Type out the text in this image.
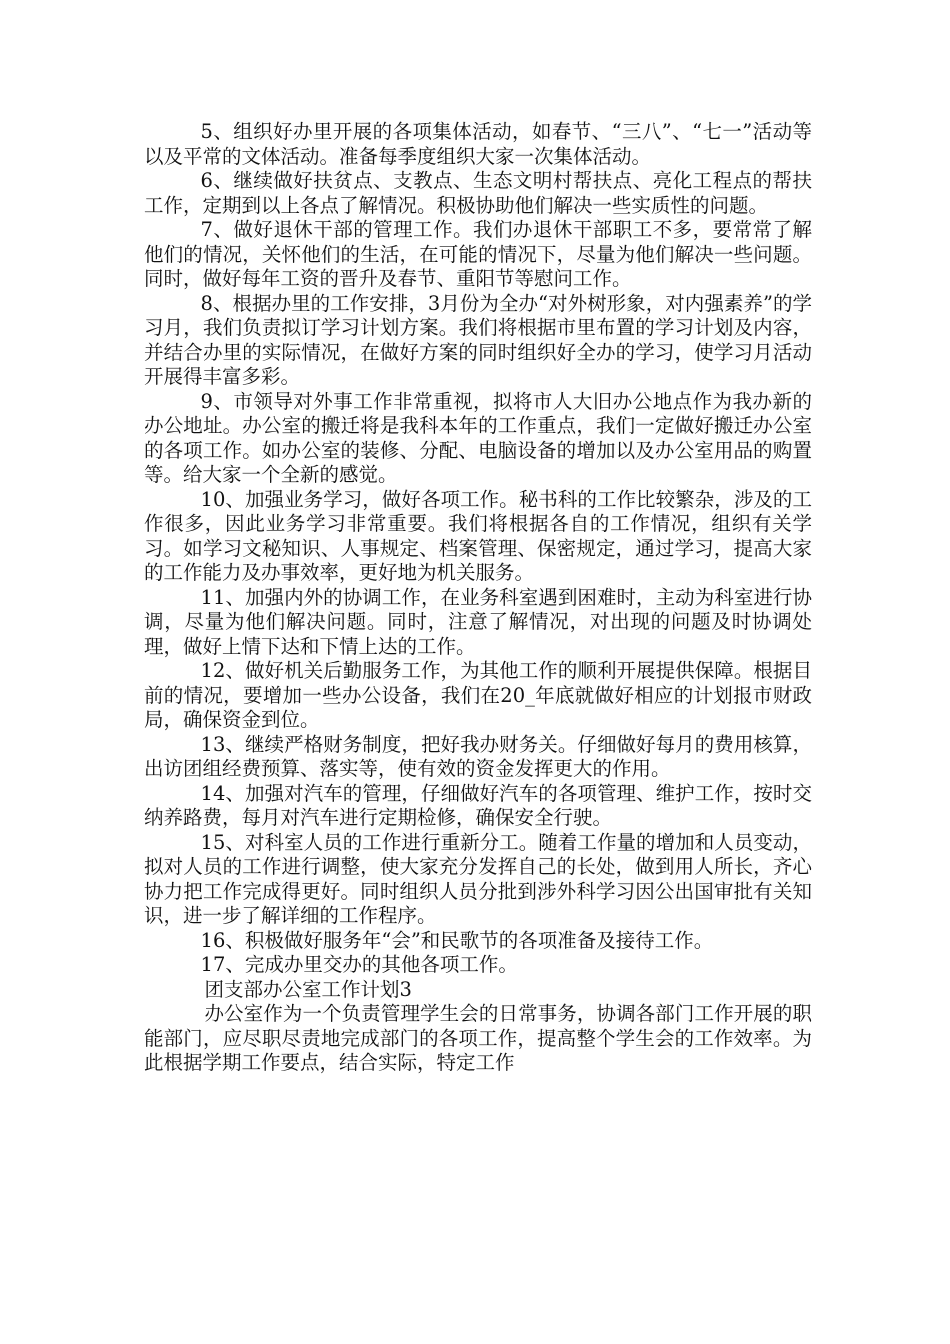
5、组织好办里开展的各项集体活动，如春节、“三八”、“七一”活动等以及平常的文体活动。准备每季度组织大家一次集体活动。

6、继续做好扶贫点、支教点、生态文明村帮扶点、亮化工程点的帮扶工作，定期到以上各点了解情况。积极协助他们解决一些实质性的问题。

7、做好退休干部的管理工作。我们办退休干部职工不多，要常常了解他们的情况，关怀他们的生活，在可能的情况下，尽量为他们解决一些问题。同时，做好每年工资的晋升及春节、重阳节等慰问工作。

8、根据办里的工作安排，3月份为全办“对外树形象，对内强素养”的学习月，我们负责拟订学习计划方案。我们将根据市里布置的学习计划及内容，并结合办里的实际情况，在做好方案的同时组织好全办的学习，使学习月活动开展得丰富多彩。

9、市领导对外事工作非常重视，拟将市人大旧办公地点作为我办新的办公地址。办公室的搬迁将是我科本年的工作重点，我们一定做好搬迁办公室的各项工作。如办公室的装修、分配、电脑设备的增加以及办公室用品的购置等。给大家一个全新的感觉。

10、加强业务学习，做好各项工作。秘书科的工作比较繁杂，涉及的工作很多，因此业务学习非常重要。我们将根据各自的工作情况，组织有关学习。如学习文秘知识、人事规定、档案管理、保密规定，通过学习，提高大家的工作能力及办事效率，更好地为机关服务。

11、加强内外的协调工作，在业务科室遇到困难时，主动为科室进行协调，尽量为他们解决问题。同时，注意了解情况，对出现的问题及时协调处理，做好上情下达和下情上达的工作。

12、做好机关后勤服务工作，为其他工作的顺利开展提供保障。根据目前的情况，要增加一些办公设备，我们在20_年底就做好相应的计划报市财政局，确保资金到位。

13、继续严格财务制度，把好我办财务关。仔细做好每月的费用核算，出访团组经费预算、落实等，使有效的资金发挥更大的作用。

14、加强对汽车的管理，仔细做好汽车的各项管理、维护工作，按时交纳养路费，每月对汽车进行定期检修，确保安全行驶。

15、对科室人员的工作进行重新分工。随着工作量的增加和人员变动，拟对人员的工作进行调整，使大家充分发挥自己的长处，做到用人所长，齐心协力把工作完成得更好。同时组织人员分批到涉外科学习因公出国审批有关知识，进一步了解详细的工作程序。

16、积极做好服务年“会”和民歌节的各项准备及接待工作。

17、完成办里交办的其他各项工作。

团支部办公室工作计划3

办公室作为一个负责管理学生会的日常事务，协调各部门工作开展的职能部门，应尽职尽责地完成部门的各项工作，提高整个学生会的工作效率。为此根据学期工作要点，结合实际，特定工作
